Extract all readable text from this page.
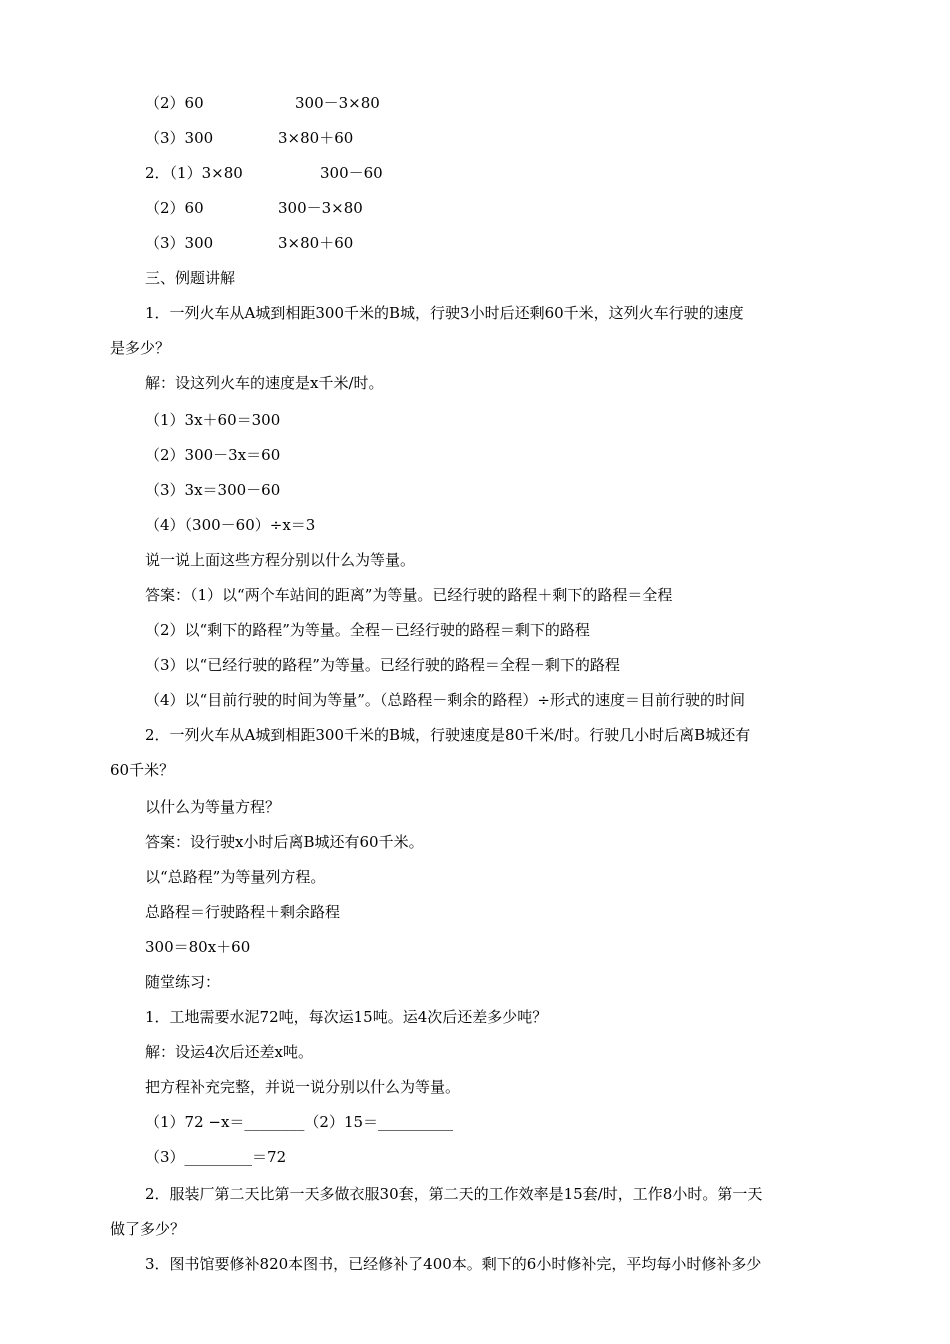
（2）60	300－3×80
（3）300	3×80＋60
2．（1）3×80	300－60
（2）60	300－3×80
（3）300	3×80＋60
三、例题讲解
1．一列火车从A城到相距300千米的B城，行驶3小时后还剩60千米，这列火车行驶的速度
是多少？
解：设这列火车的速度是x千米/时。
（1）3x＋60＝300
（2）300－3x＝60
（3）3x＝300－60
（4）（300－60）÷x＝3
说一说上面这些方程分别以什么为等量。
答案：（1）以“两个车站间的距离”为等量。已经行驶的路程＋剩下的路程＝全程
（2）以“剩下的路程”为等量。全程－已经行驶的路程＝剩下的路程
（3）以“已经行驶的路程”为等量。已经行驶的路程＝全程－剩下的路程
（4）以“目前行驶的时间为等量”。（总路程－剩余的路程）÷形式的速度＝目前行驶的时间
2．一列火车从A城到相距300千米的B城，行驶速度是80千米/时。行驶几小时后离B城还有
60千米？
以什么为等量方程？
答案：设行驶x小时后离B城还有60千米。
以“总路程”为等量列方程。
总路程＝行驶路程＋剩余路程
300＝80x＋60
随堂练习：
1．工地需要水泥72吨，每次运15吨。运4次后还差多少吨？
解：设运4次后还差x吨。
把方程补充完整，并说一说分别以什么为等量。
（1）72 −x＝________（2）15＝__________
（3）_________＝72
2．服装厂第二天比第一天多做衣服30套，第二天的工作效率是15套/时，工作8小时。第一天
做了多少？
3．图书馆要修补820本图书，已经修补了400本。剩下的6小时修补完，平均每小时修补多少
